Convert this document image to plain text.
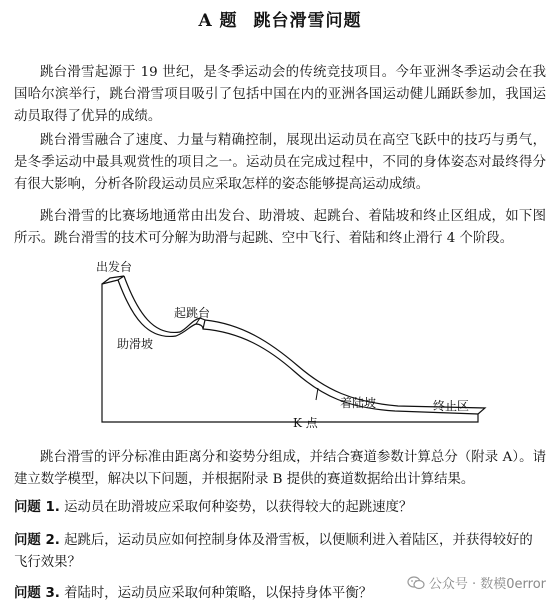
A 题 跳台滑雪问题
跳台滑雪起源于 19 世纪，是冬季运动会的传统竞技项目。今年亚洲冬季运动会在我国哈尔滨举行，跳台滑雪项目吸引了包括中国在内的亚洲各国运动健儿踊跃参加，我国运动员取得了优异的成绩。
跳台滑雪融合了速度、力量与精确控制，展现出运动员在高空飞跃中的技巧与勇气，是冬季运动中最具观赏性的项目之一。运动员在完成过程中，不同的身体姿态对最终得分有很大影响，分析各阶段运动员应采取怎样的姿态能够提高运动成绩。
跳台滑雪的比赛场地通常由出发台、助滑坡、起跳台、着陆坡和终止区组成，如下图所示。跳台滑雪的技术可分解为助滑与起跳、空中飞行、着陆和终止滑行 4 个阶段。
出发台
起跳台
助滑坡
着陆坡
K 点
终止区
跳台滑雪的评分标准由距离分和姿势分组成，并结合赛道参数计算总分（附录 A）。请建立数学模型，解决以下问题，并根据附录 B 提供的赛道数据给出计算结果。
问题 1. 运动员在助滑坡应采取何种姿势，以获得较大的起跳速度？
问题 2. 起跳后，运动员应如何控制身体及滑雪板，以便顺利进入着陆区，并获得较好的飞行效果？
问题 3. 着陆时，运动员应采取何种策略，以保持身体平衡？
公众号 · 数模0error
